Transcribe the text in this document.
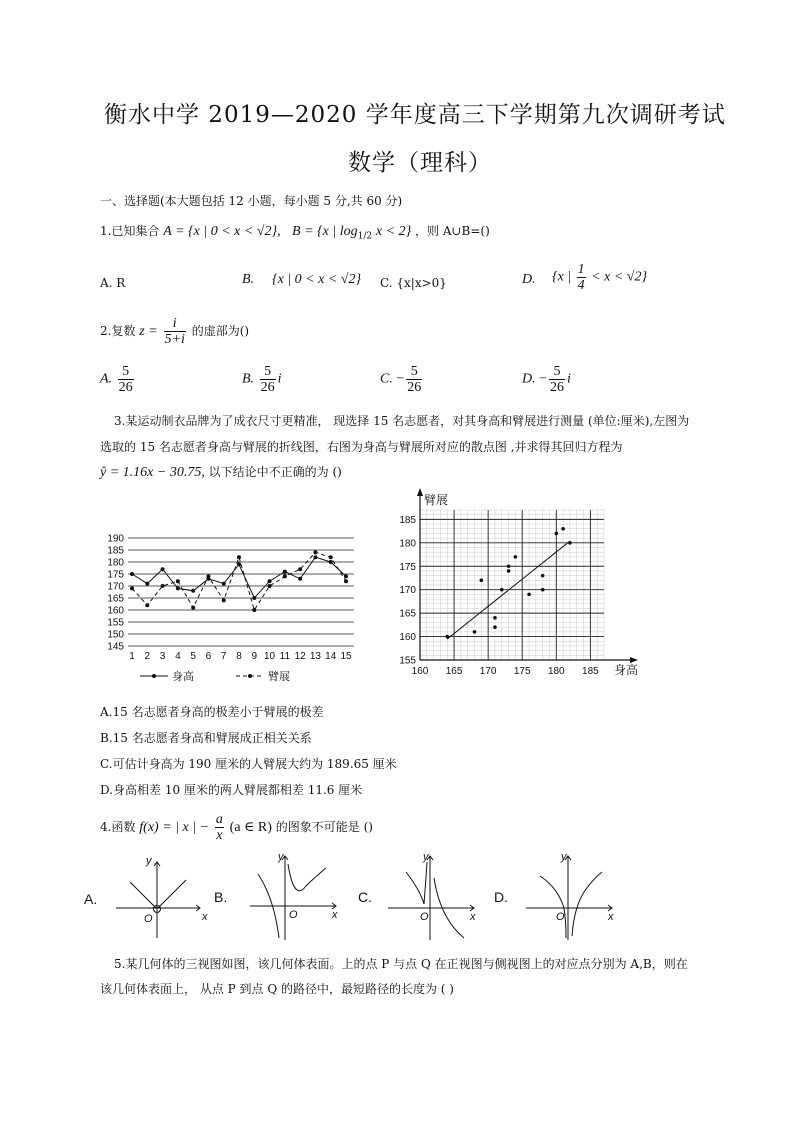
衡水中学 2019—2020 学年度高三下学期第九次调研考试
数学（理科）
一、选择题(本大题包括 12 小题，每小题 5 分,共 60 分)
1.已知集合 A = {x | 0 < x < √2}, B = {x | $\log_{1/2} x < 2$} ，则 A∪B=()
A. R	B. {x | 0 < x < √2} C. {x|x>0}	D. {x | $\frac{1}{4} < x < √2$}
2.复数 $z = \frac{i}{5+i}$ 的虚部为()
A. $\frac{5}{26}$	B. $\frac{5}{26}$ i	C. − $\frac{5}{26}$	D. − $\frac{5}{26}$ i
3.某运动制衣品牌为了成衣尺寸更精准， 现选择 15 名志愿者，对其身高和臂展进行测量 (单位:厘米),左图为
选取的 15 名志愿者身高与臂展的折线图，右图为身高与臂展所对应的散点图 ,并求得其回归方程为
ŷ = 1.16x − 30.75, 以下结论中不正确的为 ()
190
185
180
175
170
165
160
155
150
145
1 2 3 4 5 6 7 8 9 10 11 12 13 14 15
身高	臂展	160 165 170 175 180 185
155
160
165
170
175
180
185
身高
臂展
A.15 名志愿者身高的极差小于臂展的极差
B.15 名志愿者身高和臂展成正相关关系
C.可估计身高为 190 厘米的人臂展大约为 189.65 厘米
D.身高相差 10 厘米的两人臂展都相差 11.6 厘米
4.函数 f(x) = | x | − $\frac{a}{x} (a$ ∈ R) 的图象不可能是 ()
A.	B.	C.	D.
y
x
O
y
x
O
y
x
O
y
x
O
5.某几何体的三视图如图，该几何体表面。上的点 P 与点 Q 在正视图与侧视图上的对应点分别为 A,B，则在
该几何体表面上， 从点 P 到点 Q 的路径中，最短路径的长度为 ( )
